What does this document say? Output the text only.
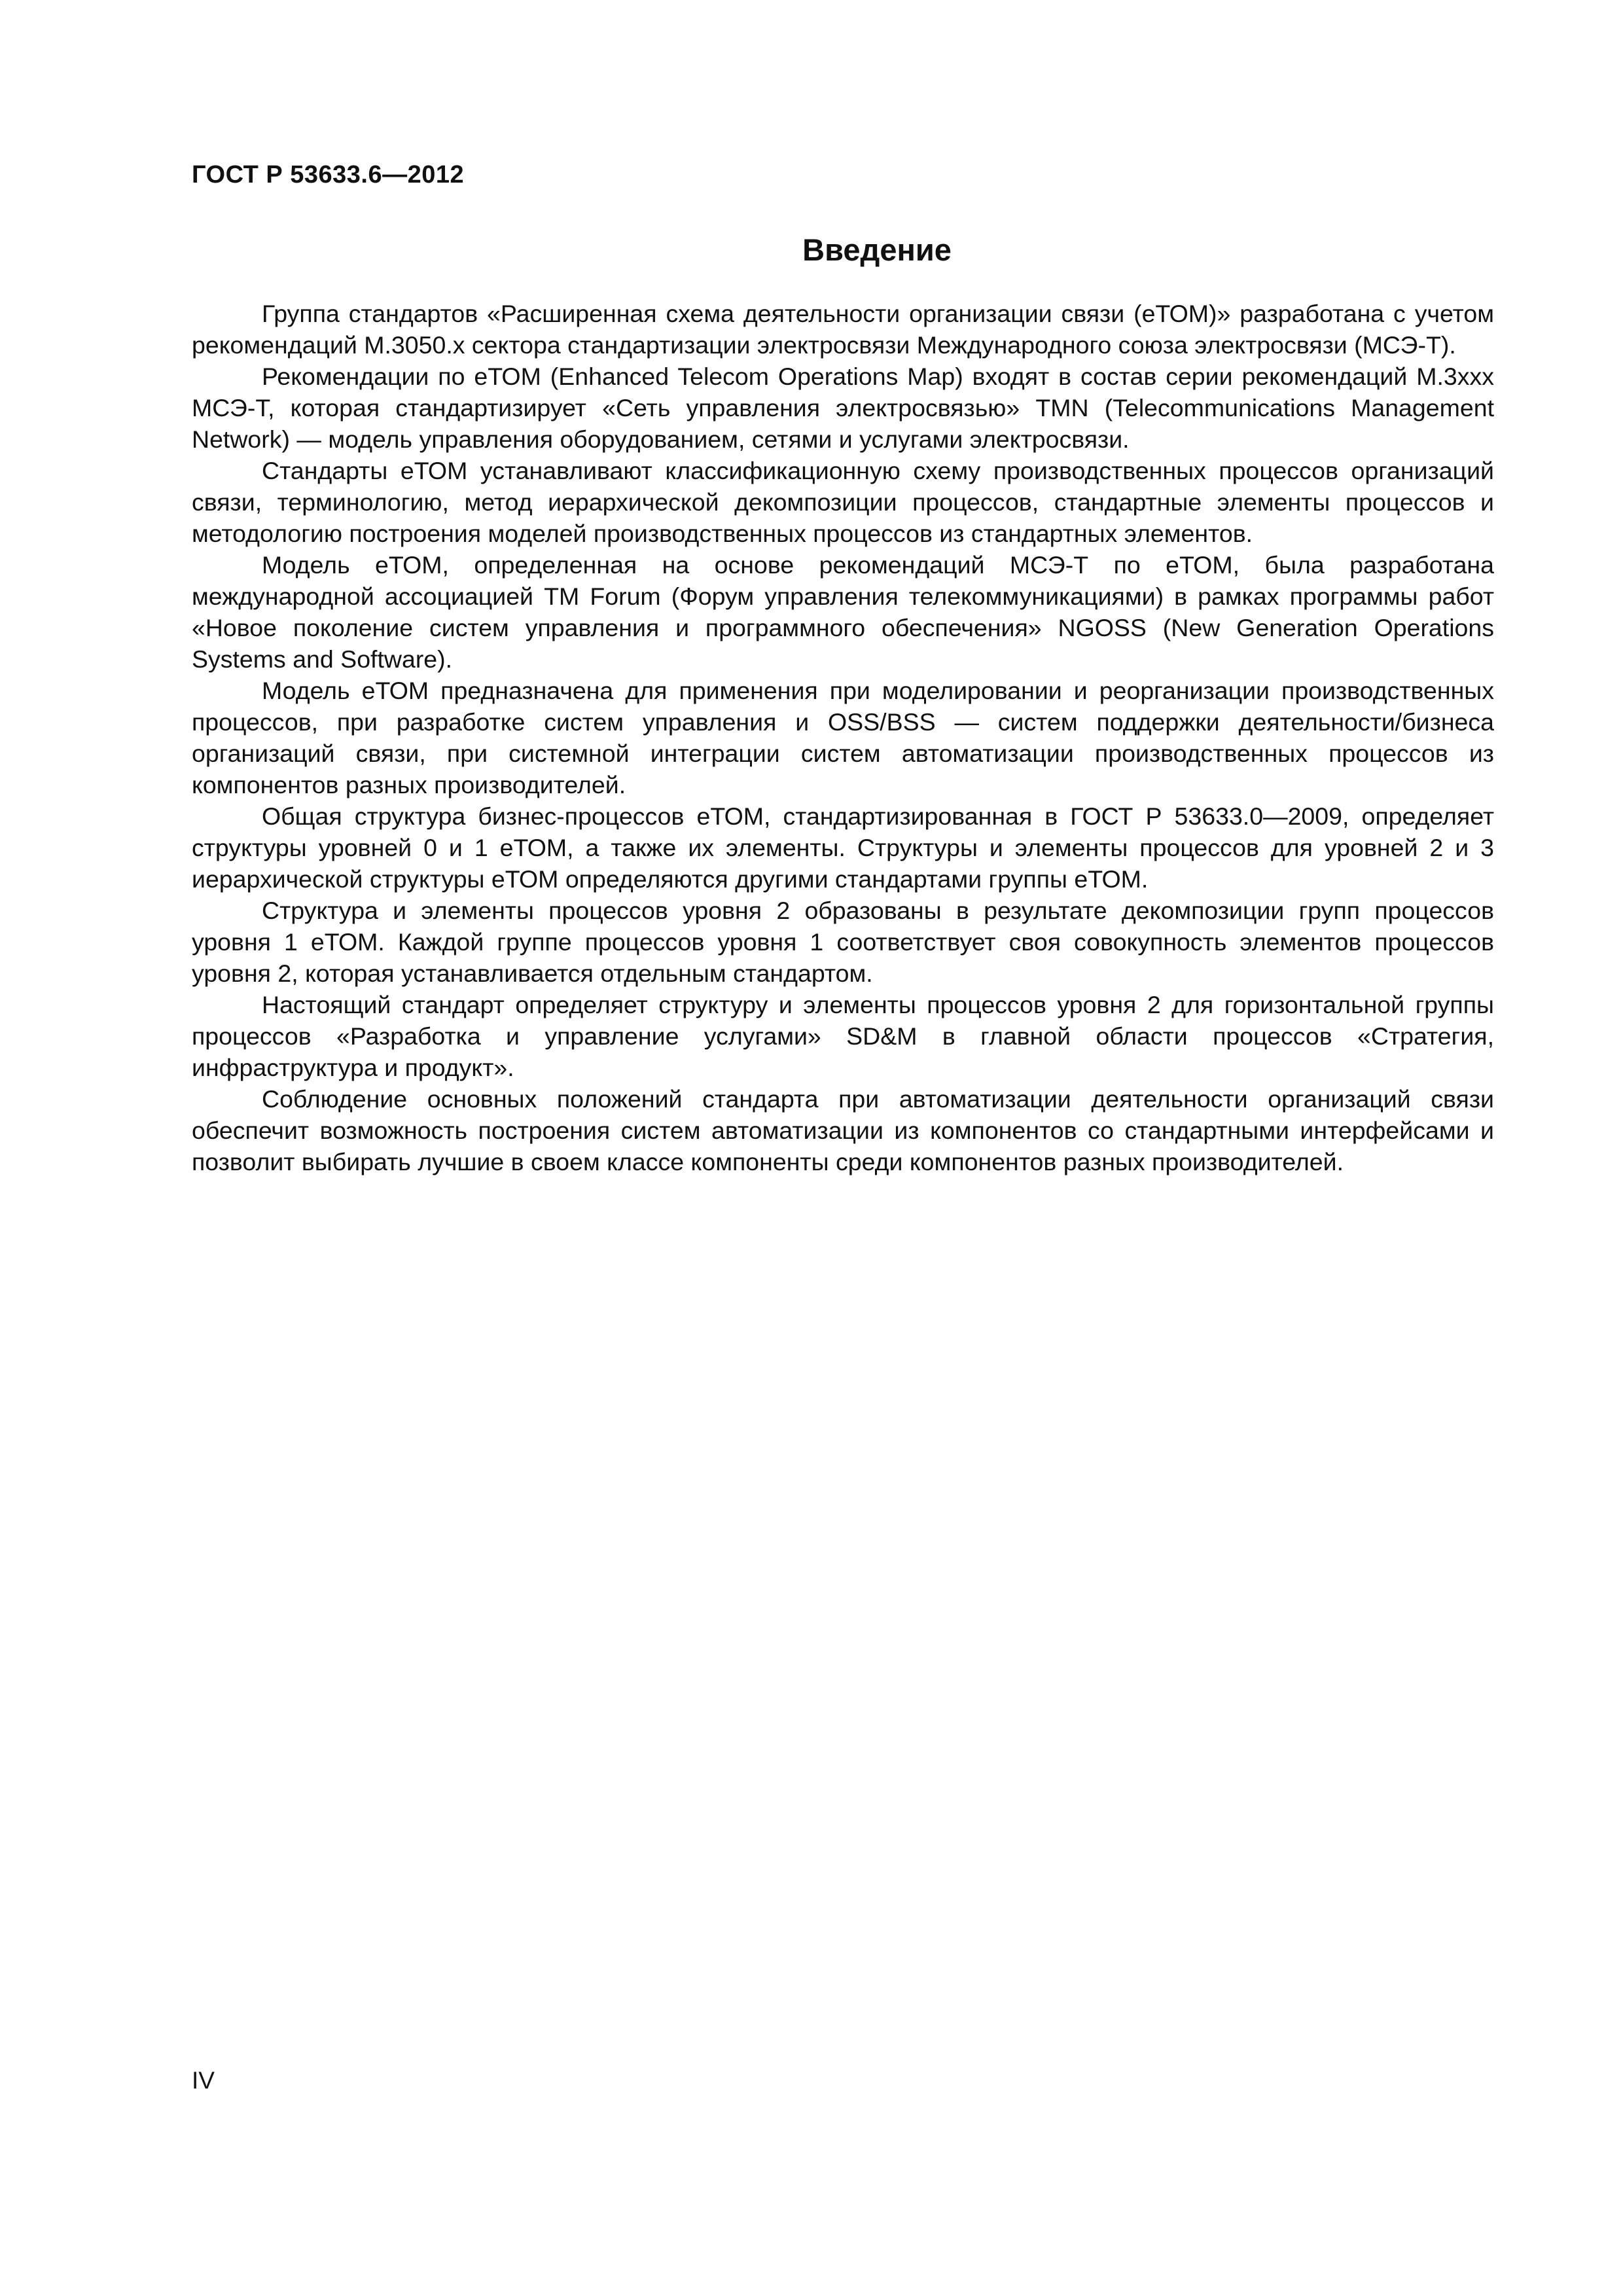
ГОСТ Р 53633.6—2012
Введение

Группа стандартов «Расширенная схема деятельности организации связи (еТОМ)» разработана с учетом рекомендаций М.3050.х сектора стандартизации электросвязи Международного союза электросвязи (МСЭ-Т).

Рекомендации по еТОМ (Enhanced Telecom Operations Map) входят в состав серии рекомендаций М.3ххх МСЭ-Т, которая стандартизирует «Сеть управления электросвязью» TMN (Telecommunications Management Network) — модель управления оборудованием, сетями и услугами электросвязи.

Стандарты еТОМ устанавливают классификационную схему производственных процессов организаций связи, терминологию, метод иерархической декомпозиции процессов, стандартные элементы процессов и методологию построения моделей производственных процессов из стандартных элементов.

Модель еТОМ, определенная на основе рекомендаций МСЭ-Т по еТОМ, была разработана международной ассоциацией TM Forum (Форум управления телекоммуникациями) в рамках программы работ «Новое поколение систем управления и программного обеспечения» NGOSS (New Generation Operations Systems and Software).

Модель еТОМ предназначена для применения при моделировании и реорганизации производственных процессов, при разработке систем управления и OSS/BSS — систем поддержки деятельности/бизнеса организаций связи, при системной интеграции систем автоматизации производственных процессов из компонентов разных производителей.

Общая структура бизнес-процессов еТОМ, стандартизированная в ГОСТ Р 53633.0—2009, определяет структуры уровней 0 и 1 еТОМ, а также их элементы. Структуры и элементы процессов для уровней 2 и 3 иерархической структуры еТОМ определяются другими стандартами группы еТОМ.

Структура и элементы процессов уровня 2 образованы в результате декомпозиции групп процессов уровня 1 еТОМ. Каждой группе процессов уровня 1 соответствует своя совокупность элементов процессов уровня 2, которая устанавливается отдельным стандартом.

Настоящий стандарт определяет структуру и элементы процессов уровня 2 для горизонтальной группы процессов «Разработка и управление услугами» SD&M в главной области процессов «Стратегия, инфраструктура и продукт».

Соблюдение основных положений стандарта при автоматизации деятельности организаций связи обеспечит возможность построения систем автоматизации из компонентов со стандартными интерфейсами и позволит выбирать лучшие в своем классе компоненты среди компонентов разных производителей.

IV
